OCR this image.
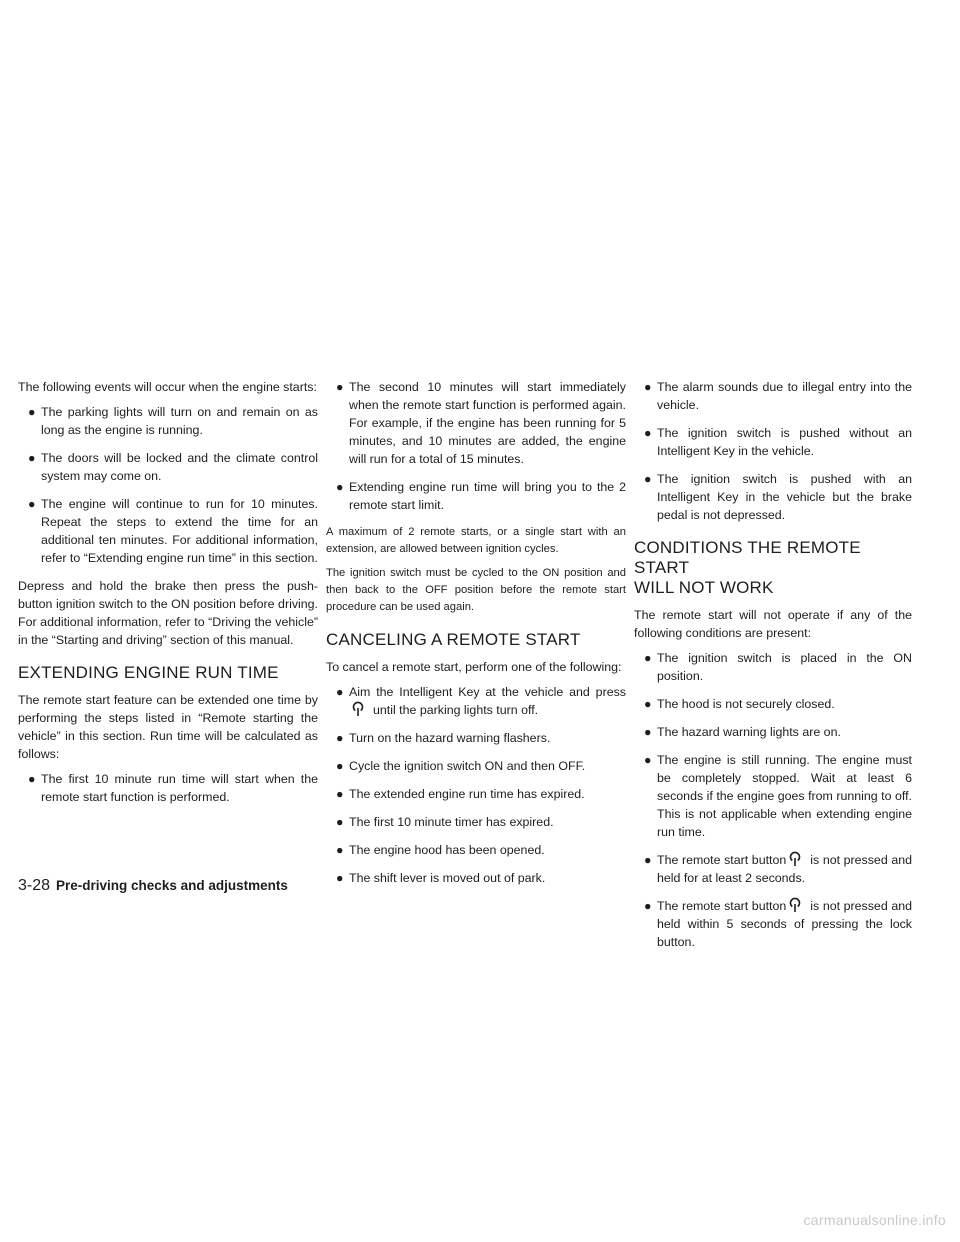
The following events will occur when the engine starts:

● The parking lights will turn on and remain on as long as the engine is running.
● The doors will be locked and the climate control system may come on.
● The engine will continue to run for 10 minutes. Repeat the steps to extend the time for an additional ten minutes. For additional information, refer to “Extending engine run time” in this section.

Depress and hold the brake then press the push-button ignition switch to the ON position before driving. For additional information, refer to “Driving the vehicle” in the “Starting and driving” section of this manual.

EXTENDING ENGINE RUN TIME

The remote start feature can be extended one time by performing the steps listed in “Remote starting the vehicle” in this section. Run time will be calculated as follows:

● The first 10 minute run time will start when the remote start function is performed.
● The second 10 minutes will start immediately when the remote start function is performed again. For example, if the engine has been running for 5 minutes, and 10 minutes are added, the engine will run for a total of 15 minutes.
● Extending engine run time will bring you to the 2 remote start limit.

A maximum of 2 remote starts, or a single start with an extension, are allowed between ignition cycles.

The ignition switch must be cycled to the ON position and then back to the OFF position before the remote start procedure can be used again.

CANCELING A REMOTE START

To cancel a remote start, perform one of the following:

● Aim the Intelligent Key at the vehicle and pressuntil the parking lights turn off.
● Turn on the hazard warning flashers.
● Cycle the ignition switch ON and then OFF.
● The extended engine run time has expired.
● The first 10 minute timer has expired.
● The engine hood has been opened.
● The shift lever is moved out of park.
● The alarm sounds due to illegal entry into the vehicle.
● The ignition switch is pushed without an Intelligent Key in the vehicle.
● The ignition switch is pushed with an Intelligent Key in the vehicle but the brake pedal is not depressed.
CONDITIONS THE REMOTE START
WILL NOT WORK

The remote start will not operate if any of the following conditions are present:

● The ignition switch is placed in the ON position.
● The hood is not securely closed.
● The hazard warning lights are on.
● The engine is still running. The engine must be completely stopped. Wait at least 6 seconds if the engine goes from running to off. This is not applicable when extending engine run time.
● The remote start button is not pressed and held for at least 2 seconds.
● The remote start button is not pressed and held within 5 seconds of pressing the lock button.
3-28 Pre-driving checks and adjustments
carmanualsonline.info
